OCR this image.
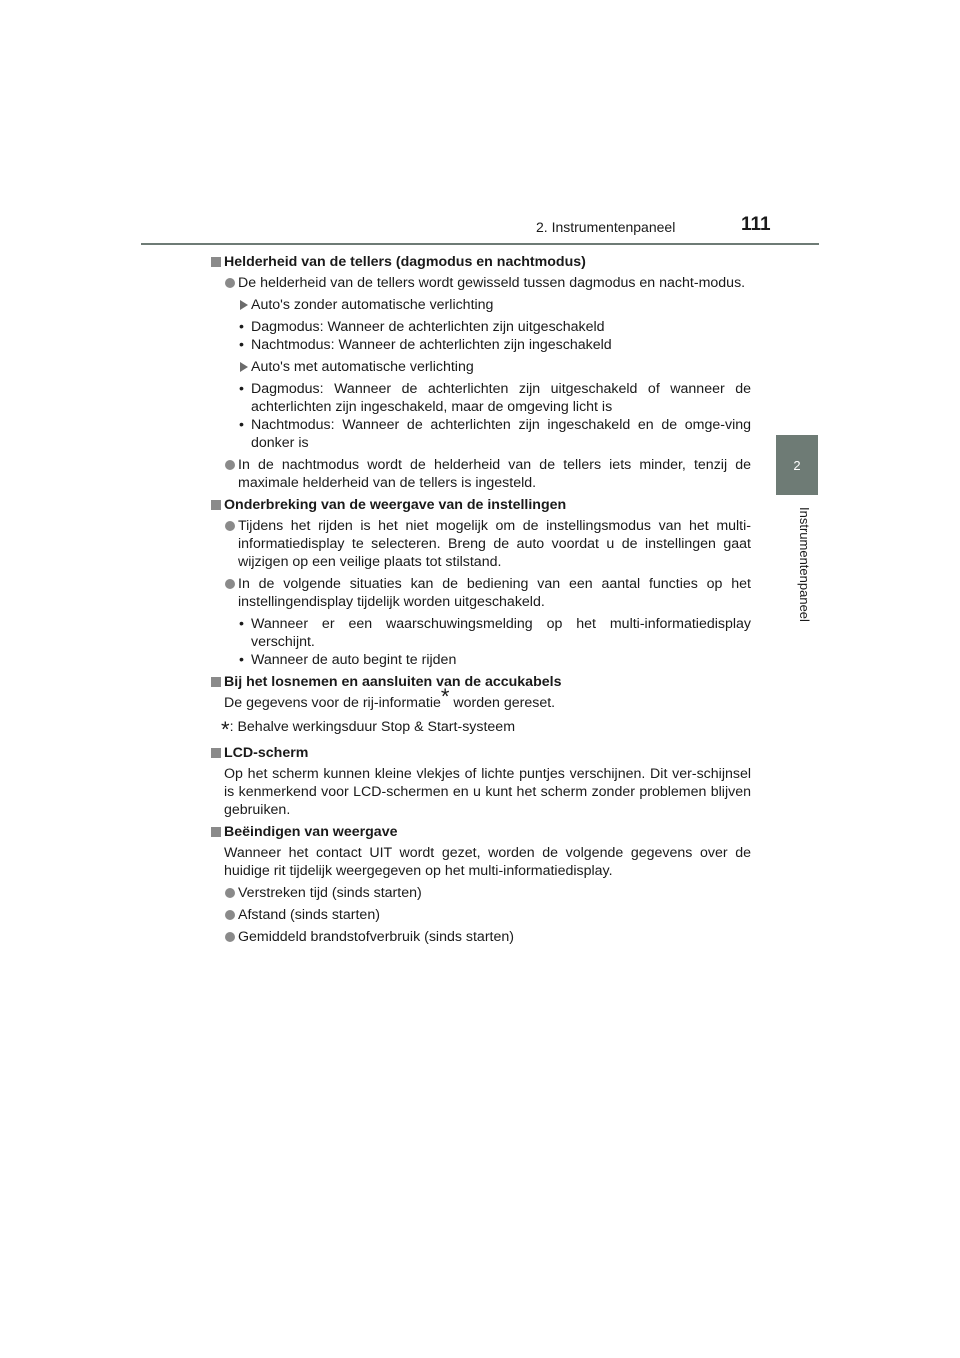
2. Instrumentenpaneel	111
2
Instrumentenpaneel
Helderheid van de tellers (dagmodus en nachtmodus)
De helderheid van de tellers wordt gewisseld tussen dagmodus en nacht-modus.
Auto's zonder automatische verlichting
• Dagmodus: Wanneer de achterlichten zijn uitgeschakeld
• Nachtmodus: Wanneer de achterlichten zijn ingeschakeld
Auto's met automatische verlichting
• Dagmodus: Wanneer de achterlichten zijn uitgeschakeld of wanneer de achterlichten zijn ingeschakeld, maar de omgeving licht is
• Nachtmodus: Wanneer de achterlichten zijn ingeschakeld en de omge-ving donker is
In de nachtmodus wordt de helderheid van de tellers iets minder, tenzij de maximale helderheid van de tellers is ingesteld.
Onderbreking van de weergave van de instellingen
Tijdens het rijden is het niet mogelijk om de instellingsmodus van het multi-informatiedisplay te selecteren. Breng de auto voordat u de instellingen gaat wijzigen op een veilige plaats tot stilstand.
In de volgende situaties kan de bediening van een aantal functies op het instellingendisplay tijdelijk worden uitgeschakeld.
• Wanneer er een waarschuwingsmelding op het multi-informatiedisplay verschijnt.
• Wanneer de auto begint te rijden
Bij het losnemen en aansluiten van de accukabels
De gegevens voor de rij-informatie* worden gereset.
*: Behalve werkingsduur Stop & Start-systeem
LCD-scherm
Op het scherm kunnen kleine vlekjes of lichte puntjes verschijnen. Dit ver-schijnsel is kenmerkend voor LCD-schermen en u kunt het scherm zonder problemen blijven gebruiken.
Beëindigen van weergave
Wanneer het contact UIT wordt gezet, worden de volgende gegevens over de huidige rit tijdelijk weergegeven op het multi-informatiedisplay.
Verstreken tijd (sinds starten)
Afstand (sinds starten)
Gemiddeld brandstofverbruik (sinds starten)
